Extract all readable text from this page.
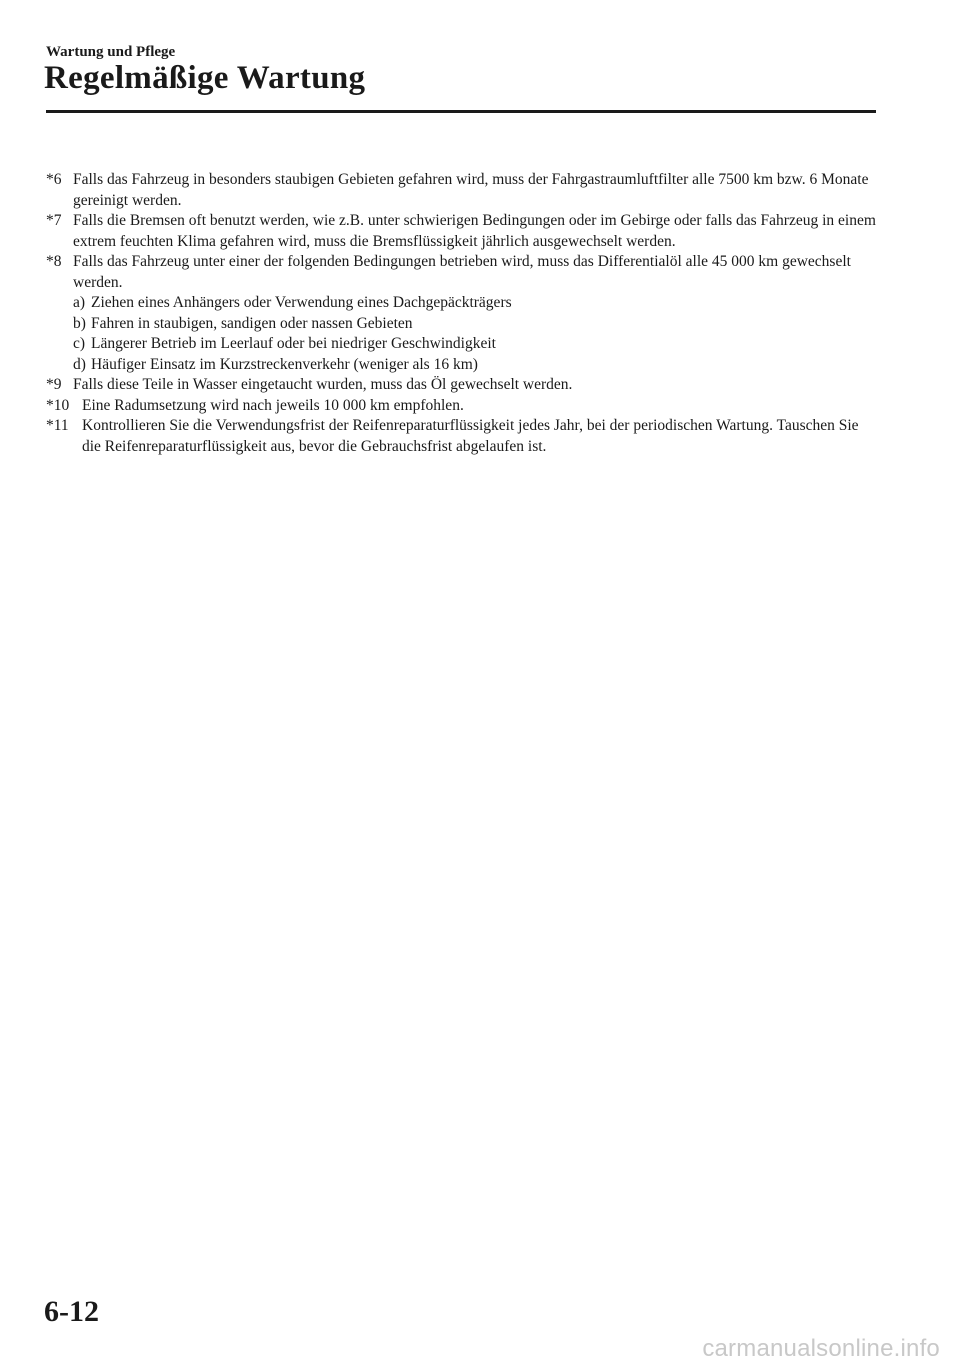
Wartung und Pflege
Regelmäßige Wartung
*6 Falls das Fahrzeug in besonders staubigen Gebieten gefahren wird, muss der Fahrgastraumluftfilter alle 7500 km bzw. 6 Monate gereinigt werden.
*7 Falls die Bremsen oft benutzt werden, wie z.B. unter schwierigen Bedingungen oder im Gebirge oder falls das Fahrzeug in einem extrem feuchten Klima gefahren wird, muss die Bremsflüssigkeit jährlich ausgewechselt werden.
*8 Falls das Fahrzeug unter einer der folgenden Bedingungen betrieben wird, muss das Differentialöl alle 45 000 km gewechselt werden.
a) Ziehen eines Anhängers oder Verwendung eines Dachgepäckträgers
b) Fahren in staubigen, sandigen oder nassen Gebieten
c) Längerer Betrieb im Leerlauf oder bei niedriger Geschwindigkeit
d) Häufiger Einsatz im Kurzstreckenverkehr (weniger als 16 km)
*9 Falls diese Teile in Wasser eingetaucht wurden, muss das Öl gewechselt werden.
*10 Eine Radumsetzung wird nach jeweils 10 000 km empfohlen.
*11 Kontrollieren Sie die Verwendungsfrist der Reifenreparaturflüssigkeit jedes Jahr, bei der periodischen Wartung. Tauschen Sie die Reifenreparaturflüssigkeit aus, bevor die Gebrauchsfrist abgelaufen ist.
6-12
carmanualsonline.info
